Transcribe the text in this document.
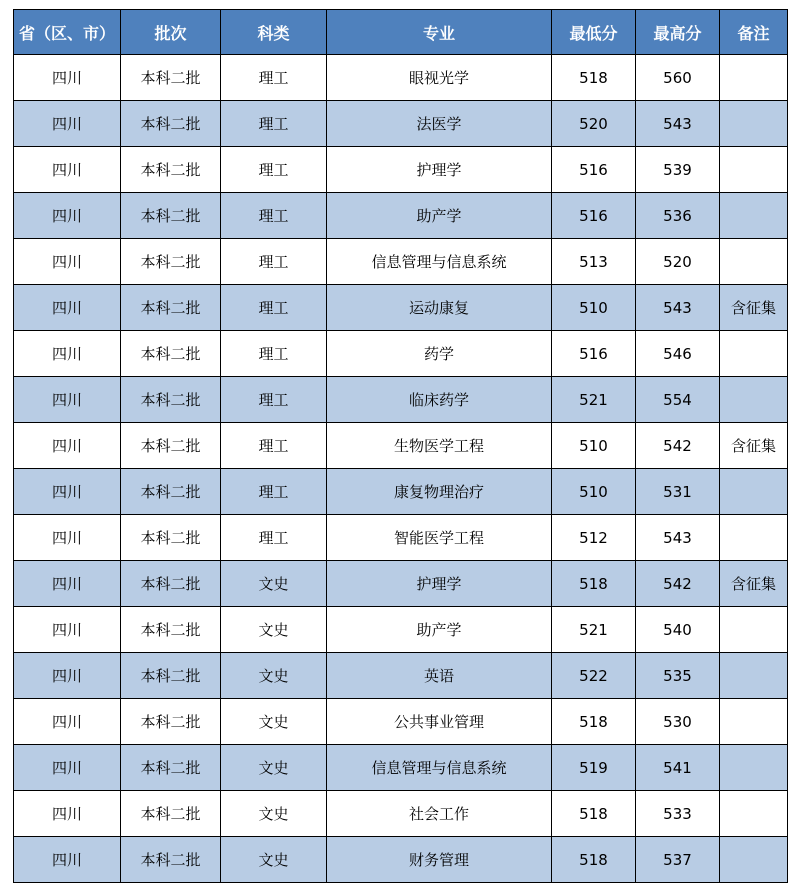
省（区、市）	批次	科类	专业	最低分	最高分	备注
四川	本科二批	理工	眼视光学	518	560	
四川	本科二批	理工	法医学	520	543	
四川	本科二批	理工	护理学	516	539	
四川	本科二批	理工	助产学	516	536	
四川	本科二批	理工	信息管理与信息系统	513	520	
四川	本科二批	理工	运动康复	510	543	含征集
四川	本科二批	理工	药学	516	546	
四川	本科二批	理工	临床药学	521	554	
四川	本科二批	理工	生物医学工程	510	542	含征集
四川	本科二批	理工	康复物理治疗	510	531	
四川	本科二批	理工	智能医学工程	512	543	
四川	本科二批	文史	护理学	518	542	含征集
四川	本科二批	文史	助产学	521	540	
四川	本科二批	文史	英语	522	535	
四川	本科二批	文史	公共事业管理	518	530	
四川	本科二批	文史	信息管理与信息系统	519	541	
四川	本科二批	文史	社会工作	518	533	
四川	本科二批	文史	财务管理	518	537	
